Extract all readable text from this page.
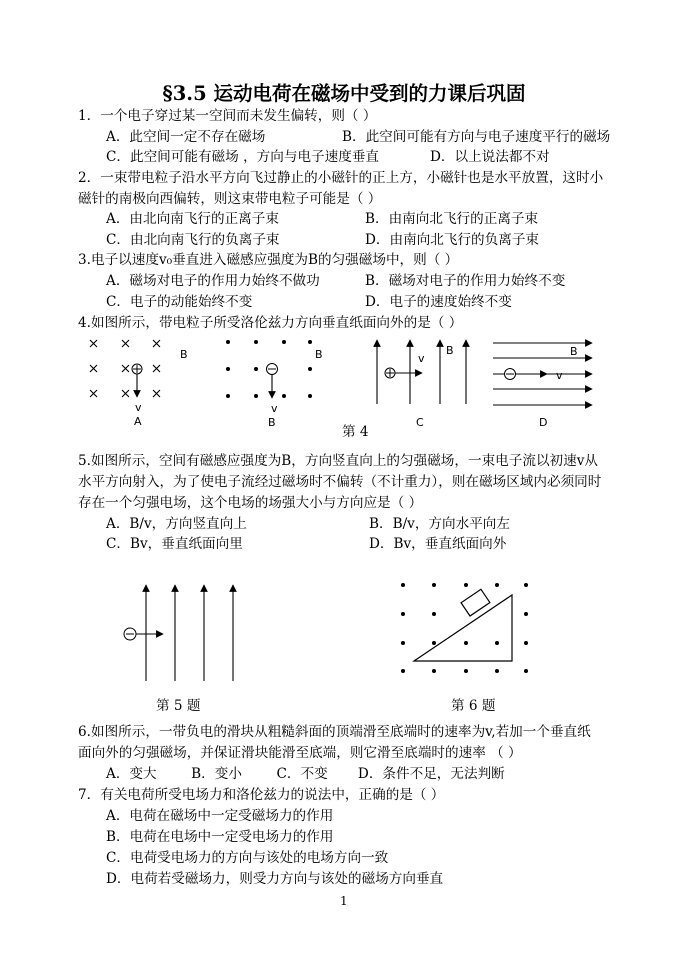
§3.5 运动电荷在磁场中受到的力课后巩固
1．一个电子穿过某一空间而未发生偏转，则（ ）
A．此空间一定不存在磁场	B．此空间可能有方向与电子速度平行的磁场
C．此空间可能有磁场 ，方向与电子速度垂直	D．以上说法都不对
2．一束带电粒子沿水平方向飞过静止的小磁针的正上方，小磁针也是水平放置，这时小
磁针的南极向西偏转，则这束带电粒子可能是（ ）
A．由北向南飞行的正离子束	B．由南向北飞行的正离子束
C．由北向南飞行的负离子束	D．由南向北飞行的负离子束
3.电子以速度v₀垂直进入磁感应强度为B的匀强磁场中，则（ ）
A．磁场对电子的作用力始终不做功	B．磁场对电子的作用力始终不变
C．电子的动能始终不变	D．电子的速度始终不变
4.如图所示，带电粒子所受洛伦兹力方向垂直纸面向外的是（ ）
v
B
A
v
B
B
v
B
C
v
B
D
第 4
5.如图所示，空间有磁感应强度为B，方向竖直向上的匀强磁场，一束电子流以初速v从
水平方向射入，为了使电子流经过磁场时不偏转（不计重力），则在磁场区域内必须同时
存在一个匀强电场，这个电场的场强大小与方向应是（ ）
A．B/v，方向竖直向上	B．B/v，方向水平向左
C．Bv，垂直纸面向里	D．Bv，垂直纸面向外
第 5 题	第 6 题
6.如图所示，一带负电的滑块从粗糙斜面的顶端滑至底端时的速率为v,若加一个垂直纸
面向外的匀强磁场，并保证滑块能滑至底端，则它滑至底端时的速率 （ ）
A．变大        B．变小        C．不变       D．条件不足，无法判断
7．有关电荷所受电场力和洛伦兹力的说法中，正确的是（ ）
A．电荷在磁场中一定受磁场力的作用
B．电荷在电场中一定受电场力的作用
C．电荷受电场力的方向与该处的电场方向一致
D．电荷若受磁场力，则受力方向与该处的磁场方向垂直
1
